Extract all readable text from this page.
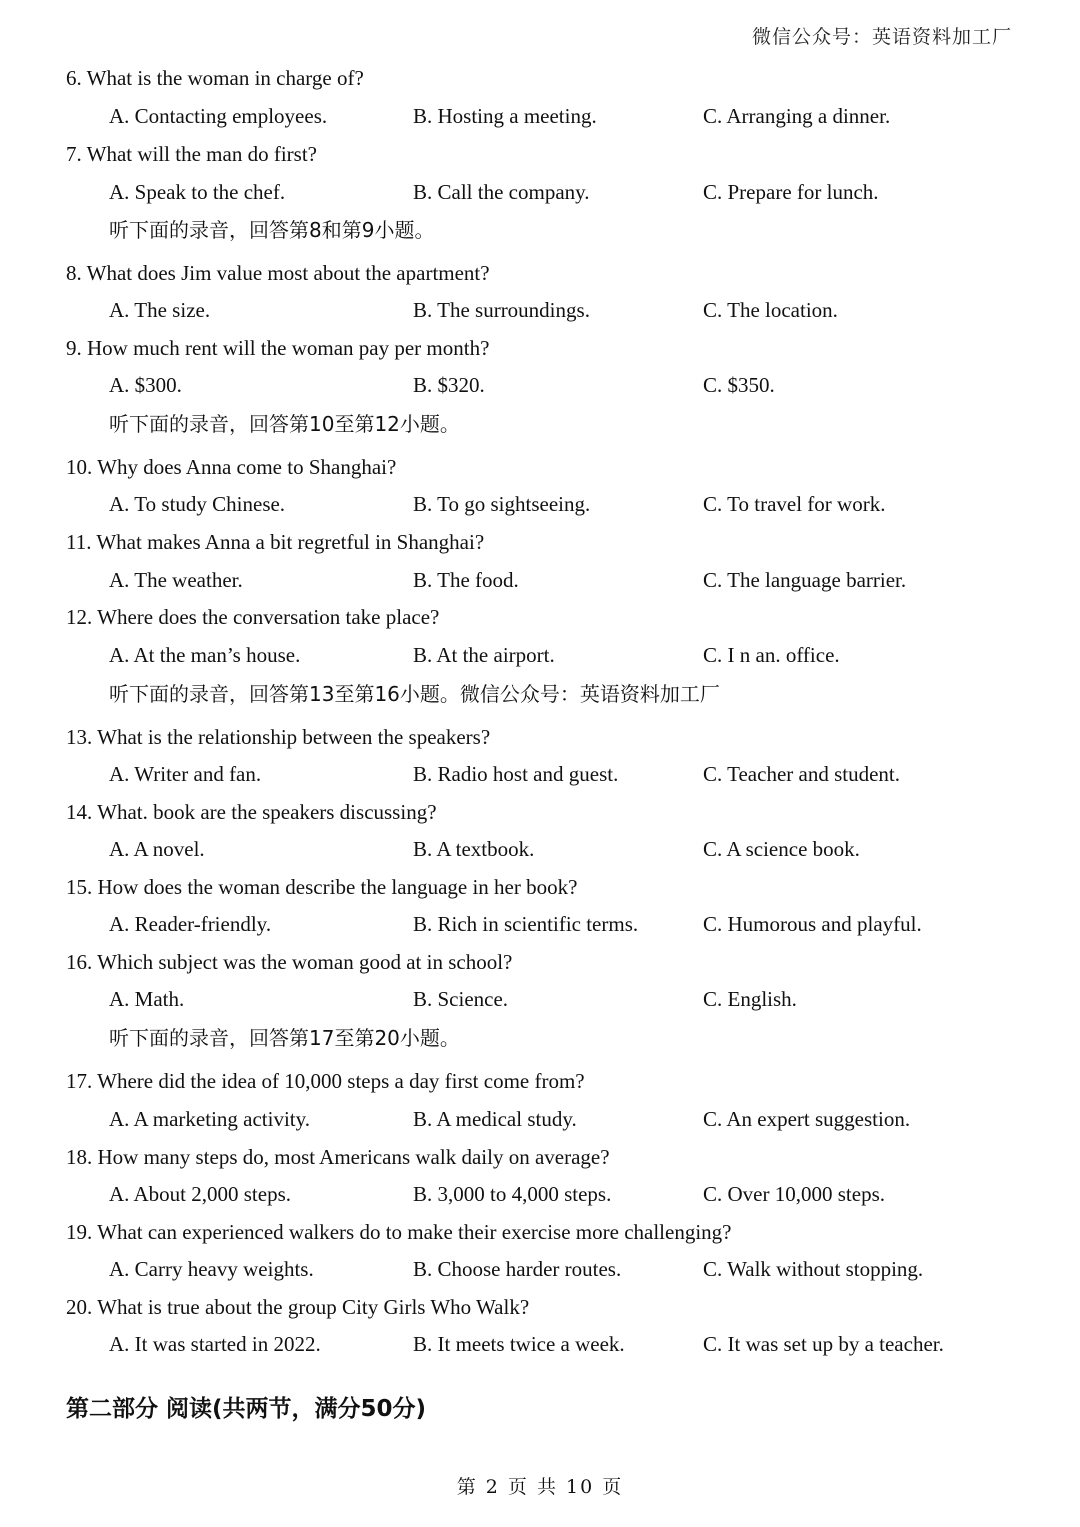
微信公众号：英语资料加工厂
6. What is the woman in charge of?
A. Contacting employees.	B. Hosting a meeting.	C. Arranging a dinner.
7. What will the man do first?
A. Speak to the chef.	B. Call the company.	C. Prepare for lunch.
听下面的录音，回答第8和第9小题。
8. What does Jim value most about the apartment?
A. The size.	B. The surroundings.	C. The location.
9. How much rent will the woman pay per month?
A. $300.	B. $320.	C. $350.
听下面的录音，回答第10至第12小题。
10. Why does Anna come to Shanghai?
A. To study Chinese.	B. To go sightseeing.	C. To travel for work.
11. What makes Anna a bit regretful in Shanghai?
A. The weather.	B. The food.	C. The language barrier.
12. Where does the conversation take place?
A. At the man’s house.	B. At the airport.	C. I n an. office.
听下面的录音，回答第13至第16小题。微信公众号：英语资料加工厂
13. What is the relationship between the speakers?
A. Writer and fan.	B. Radio host and guest.	C. Teacher and student.
14. What. book are the speakers discussing?
A. A novel.	B. A textbook.	C. A science book.
15. How does the woman describe the language in her book?
A. Reader-friendly.	B. Rich in scientific terms.	C. Humorous and playful.
16. Which subject was the woman good at in school?
A. Math.	B. Science.	C. English.
听下面的录音，回答第17至第20小题。
17. Where did the idea of 10,000 steps a day first come from?
A. A marketing activity.	B. A medical study.	C. An expert suggestion.
18. How many steps do, most Americans walk daily on average?
A. About 2,000 steps.	B. 3,000 to 4,000 steps.	C. Over 10,000 steps.
19. What can experienced walkers do to make their exercise more challenging?
A. Carry heavy weights.	B. Choose harder routes.	C. Walk without stopping.
20. What is true about the group City Girls Who Walk?
A. It was started in 2022.	B. It meets twice a week.	C. It was set up by a teacher.
第二部分 阅读(共两节，满分50分)
第 2 页 共 10 页
